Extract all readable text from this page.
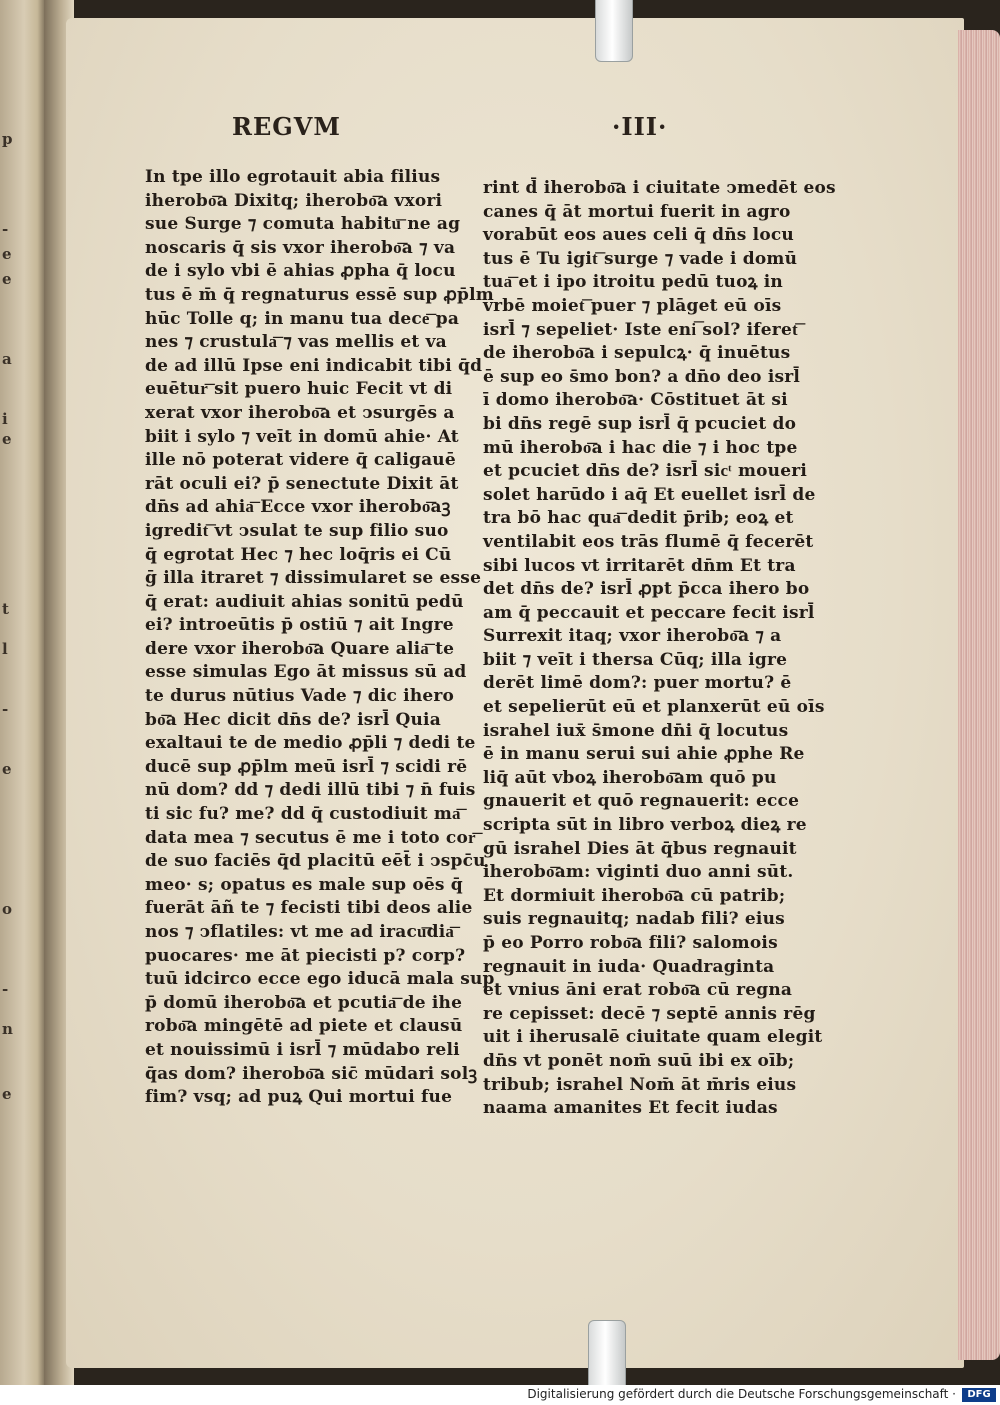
p
-
e
e
a
i
e
t
l
-
e
o
-
n
e
REGVM	·III·
In tpe illo egrotauit abia filius
iherobo͞a Dixitq; iherobo͞a vxori
sue Surge ⁊ comuta habitu͞ ne ag
noscaris q̄ sis vxor iherobo͞a ⁊ va
de i sylo vbi ē ahias ꝓpha q̄ locu
tus ē m̄ q̄ regnaturus essē sup ꝓp̄lm
hūc Tolle q; in manu tua dece͞ pa
nes ⁊ crustula͞ ⁊ vas mellis et va
de ad illū Ipse eni indicabit tibi q̄d
euētur͞ sit puero huic Fecit vt di
xerat vxor iherobo͞a et ↄsurgēs a
biit i sylo ⁊ veīt in domū ahie· At
ille nō poterat videre q̄ caligauē
rāt oculi ei? p̄ senectute Dixit āt
dn̄s ad ahia͞ Ecce vxor iherobo͞aꝫ
igredit͞ vt ↄsulat te sup filio suo
q̄ egrotat Hec ⁊ hec loq̄ris ei Cū
ḡ illa itraret ⁊ dissimularet se esse
q̄ erat: audiuit ahias sonitū pedū
ei? introeūtis p̄ ostiū ⁊ ait Ingre
dere vxor iherobo͞a Quare alia͞ te
esse simulas Ego āt missus sū ad
te durus nūtius Vade ⁊ dic ihero
bo͞a Hec dicit dn̄s de? isrl̄ Quia
exaltaui te de medio ꝓp̄li ⁊ dedi te
ducē sup ꝓp̄lm meū isrl̄ ⁊ scidi rē
nū dom? dd ⁊ dedi illū tibi ⁊ n̄ fuis
ti sic fu? me? dd q̄ custodiuit ma͞
data mea ⁊ secutus ē me i toto cor͞
de suo faciēs q̄d placitū eēt̄ i ↄspc̄u
meo· s; opatus es male sup oēs q̄
fuerāt āñ te ⁊ fecisti tibi deos alie
nos ⁊ ↄflatiles: vt me ad iracu͞dia͞
puocares· me āt piecisti p? corp?
tuū idcirco ecce ego iducā mala sup
p̄ domū iherobo͞a et pcutia͞ de ihe
robo͞a mingētē ad piete et clausū
et nouissimū i isrl̄ ⁊ mūdabo reli
q̄as dom? iherobo͞a sic̄ mūdari solꝫ
fim? vsq; ad puꝝ Qui mortui fue
rint d̄ iherobo͞a i ciuitate ↄmedēt eos
canes q̄ āt mortui fuerit in agro
vorabūt eos aues celi q̄ dn̄s locu
tus ē Tu igit͞ surge ⁊ vade i domū
tua͞ et i ipo itroitu pedū tuoꝝ in
vrbē moiet͞ puer ⁊ plāget eū oīs
isrl̄ ⁊ sepeliet· Iste eni͞ sol? iferet͞
de iherobo͞a i sepulcꝝ· q̄ inuētus
ē sup eo s̄mo bon? a dn̄o deo isrl̄
ī domo iherobo͞a· Cōstituet āt si
bi dn̄s regē sup isrl̄ q̄ pcuciet do
mū iherobo͞a i hac die ⁊ i hoc tpe
et pcuciet dn̄s de? isrl̄ sicͭ moueri
solet harūdo i aq̄ Et euellet isrl̄ de
tra bō hac qua͞ dedit p̄rib; eoꝝ et
ventilabit eos trās flumē q̄ fecerēt
sibi lucos vt irritarēt dn̄m Et tra
det dn̄s de? isrl̄ ꝓpt p̄cca ihero bo
am q̄ peccauit et peccare fecit isrl̄
Surrexit itaq; vxor iherobo͞a ⁊ a
biit ⁊ veīt i thersa Cūq; illa igre
derēt limē dom?: puer mortu? ē
et sepelierūt eū et planxerūt eū oīs
israhel iux̄ s̄mone dn̄i q̄ locutus
ē in manu serui sui ahie ꝓphe Re
liq̄ aūt vboꝝ iherobo͞am quō pu
gnauerit et quō regnauerit: ecce
scripta sūt in libro verboꝝ dieꝝ re
gū israhel Dies āt q̄bus regnauit
iherobo͞am: viginti duo anni sūt.
Et dormiuit iherobo͞a cū patrib;
suis regnauitq; nadab fili? eius
p̄ eo Porro robo͞a fili? salomois
regnauit in iuda· Quadraginta
et vnius āni erat robo͞a cū regna
re cepisset: decē ⁊ septē annis rēg
uit i iherusalē ciuitate quam elegit
dn̄s vt ponēt nom̄ suū ibi ex oīb;
tribub; israhel Nom̄ āt m̄ris eius
naama amanites Et fecit iudas
Digitalisierung gefördert durch die Deutsche Forschungsgemeinschaft ·	DFG
